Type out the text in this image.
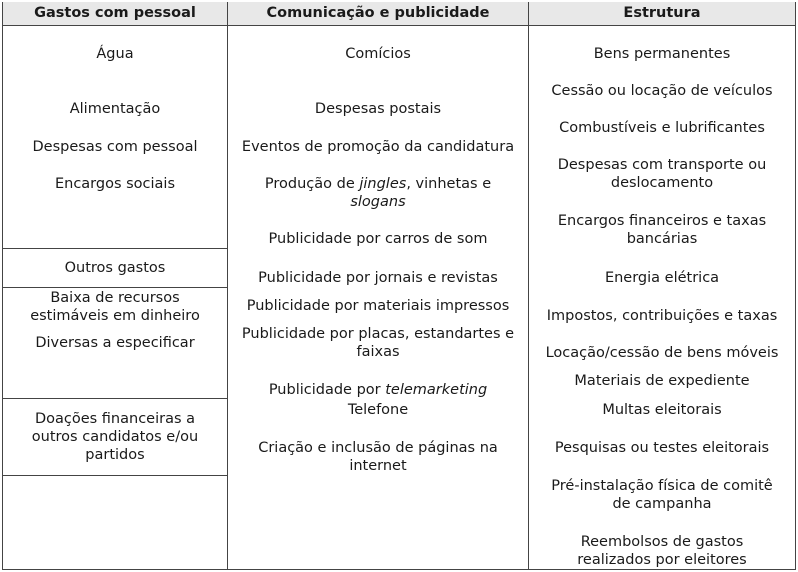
Gastos com pessoal	Comunicação e publicidade	Estrutura
Água
Alimentação
Despesas com pessoal
Encargos sociais
Outros gastos
Baixa de recursos estimáveis em dinheiro
Diversas a especificar
Doações financeiras a outros candidatos e/ou partidos
Comícios
Despesas postais
Eventos de promoção da candidatura
Produção de jingles, vinhetas e
slogans
Publicidade por carros de som
Publicidade por jornais e revistas
Publicidade por materiais impressos
Publicidade por placas, estandartes e faixas
Publicidade por telemarketing
Telefone
Criação e inclusão de páginas na internet
Bens permanentes
Cessão ou locação de veículos
Combustíveis e lubrificantes
Despesas com transporte ou deslocamento
Encargos financeiros e taxas bancárias
Energia elétrica
Impostos, contribuições e taxas
Locação/cessão de bens móveis
Materiais de expediente
Multas eleitorais
Pesquisas ou testes eleitorais
Pré-instalação física de comitê de campanha
Reembolsos de gastos realizados por eleitores
